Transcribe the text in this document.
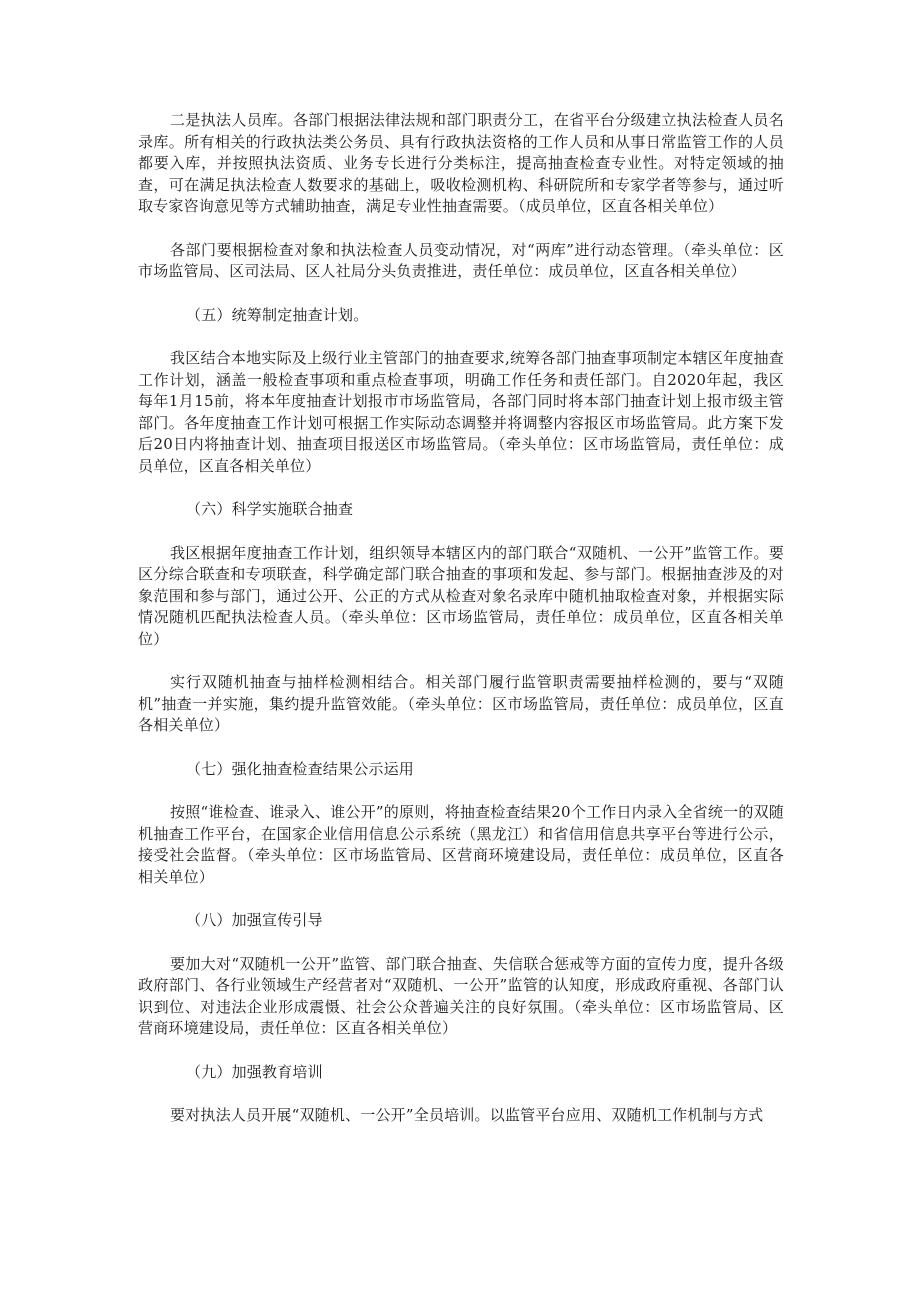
二是执法人员库。各部门根据法律法规和部门职责分工，在省平台分级建立执法检查人员名录库。所有相关的行政执法类公务员、具有行政执法资格的工作人员和从事日常监管工作的人员都要入库，并按照执法资质、业务专长进行分类标注，提高抽查检查专业性。对特定领域的抽查，可在满足执法检查人数要求的基础上，吸收检测机构、科研院所和专家学者等参与，通过听取专家咨询意见等方式辅助抽查，满足专业性抽查需要。（成员单位，区直各相关单位）

各部门要根据检查对象和执法检查人员变动情况，对“两库”进行动态管理。（牵头单位：区市场监管局、区司法局、区人社局分头负责推进，责任单位：成员单位，区直各相关单位）

（五）统筹制定抽查计划。

我区结合本地实际及上级行业主管部门的抽查要求,统筹各部门抽查事项制定本辖区年度抽查工作计划，涵盖一般检查事项和重点检查事项，明确工作任务和责任部门。自2020年起，我区每年1月15前，将本年度抽查计划报市市场监管局，各部门同时将本部门抽查计划上报市级主管部门。各年度抽查工作计划可根据工作实际动态调整并将调整内容报区市场监管局。此方案下发后20日内将抽查计划、抽查项目报送区市场监管局。（牵头单位：区市场监管局，责任单位：成员单位，区直各相关单位）

（六）科学实施联合抽查

我区根据年度抽查工作计划，组织领导本辖区内的部门联合“双随机、一公开”监管工作。要区分综合联查和专项联查，科学确定部门联合抽查的事项和发起、参与部门。根据抽查涉及的对象范围和参与部门，通过公开、公正的方式从检查对象名录库中随机抽取检查对象，并根据实际情况随机匹配执法检查人员。（牵头单位：区市场监管局，责任单位：成员单位，区直各相关单位）

实行双随机抽查与抽样检测相结合。相关部门履行监管职责需要抽样检测的，要与“双随机”抽查一并实施，集约提升监管效能。（牵头单位：区市场监管局，责任单位：成员单位，区直各相关单位）

（七）强化抽查检查结果公示运用

按照“谁检查、谁录入、谁公开”的原则，将抽查检查结果20个工作日内录入全省统一的双随机抽查工作平台，在国家企业信用信息公示系统（黑龙江）和省信用信息共享平台等进行公示，接受社会监督。（牵头单位：区市场监管局、区营商环境建设局，责任单位：成员单位，区直各相关单位）

（八）加强宣传引导

要加大对“双随机一公开”监管、部门联合抽查、失信联合惩戒等方面的宣传力度，提升各级政府部门、各行业领域生产经营者对“双随机、一公开”监管的认知度，形成政府重视、各部门认识到位、对违法企业形成震慑、社会公众普遍关注的良好氛围。（牵头单位：区市场监管局、区营商环境建设局，责任单位：区直各相关单位）

（九）加强教育培训

要对执法人员开展“双随机、一公开”全员培训。以监管平台应用、双随机工作机制与方式
